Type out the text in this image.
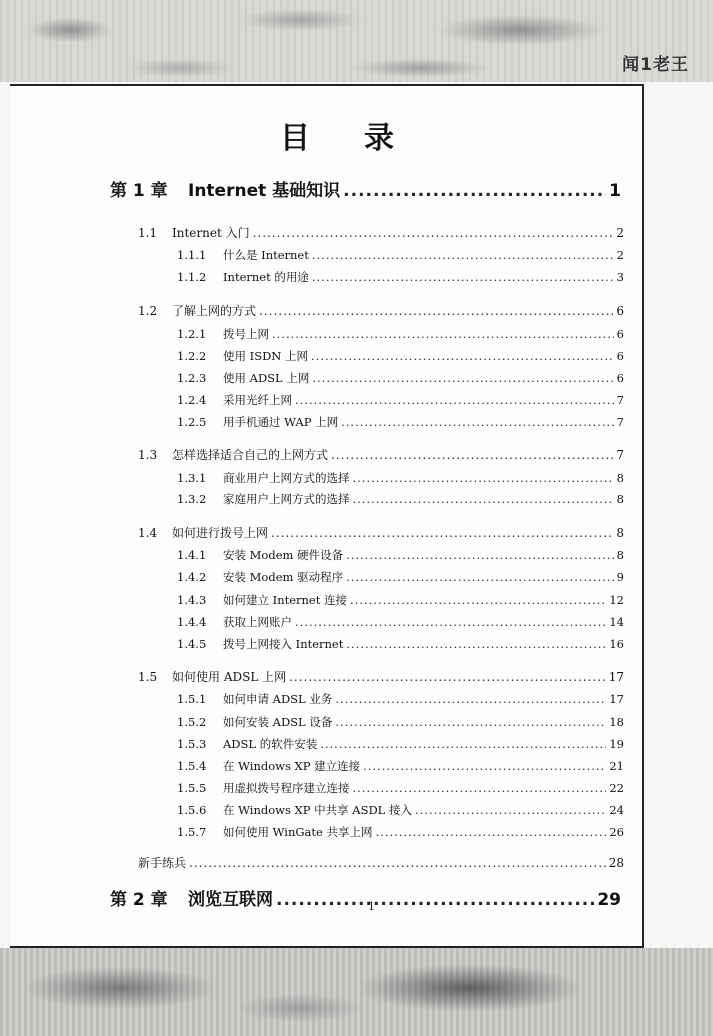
闻1老王
目录
第 1 章	Internet 基础知识 .....	1
1.1	Internet 入门 .....	2
1.1.1	什么是 Internet .....	2
1.1.2	Internet 的用途 .....	3
1.2	了解上网的方式 .....	6
1.2.1	拨号上网 .....	6
1.2.2	使用 ISDN 上网 .....	6
1.2.3	使用 ADSL 上网 .....	6
1.2.4	采用光纤上网 .....	7
1.2.5	用手机通过 WAP 上网 .....	7
1.3	怎样选择适合自己的上网方式 .....	7
1.3.1	商业用户上网方式的选择 .....	8
1.3.2	家庭用户上网方式的选择 .....	8
1.4	如何进行拨号上网 .....	8
1.4.1	安装 Modem 硬件设备 .....	8
1.4.2	安装 Modem 驱动程序 .....	9
1.4.3	如何建立 Internet 连接 .....	12
1.4.4	获取上网账户 .....	14
1.4.5	拨号上网接入 Internet .....	16
1.5	如何使用 ADSL 上网 .....	17
1.5.1	如何申请 ADSL 业务 .....	17
1.5.2	如何安装 ADSL 设备 .....	18
1.5.3	ADSL 的软件安装 .....	19
1.5.4	在 Windows XP 建立连接 .....	21
1.5.5	用虚拟拨号程序建立连接 .....	22
1.5.6	在 Windows XP 中共享 ASDL 接入 .....	24
1.5.7	如何使用 WinGate 共享上网 .....	26
新手练兵 .....	28
第 2 章	浏览互联网 .....	29
1
